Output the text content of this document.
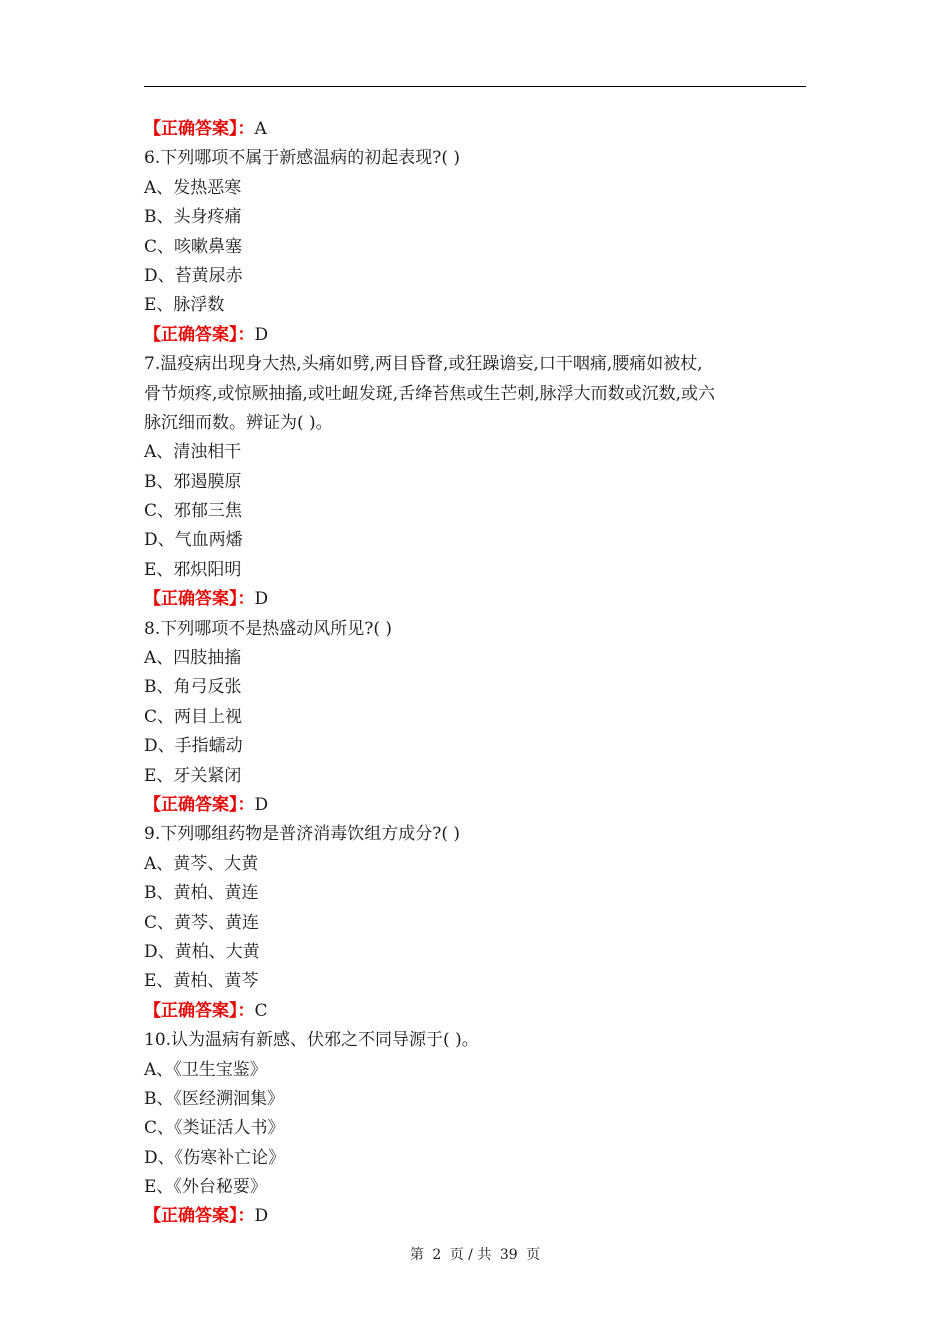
【正确答案】：A
6.下列哪项不属于新感温病的初起表现?( )
A、发热恶寒
B、头身疼痛
C、咳嗽鼻塞
D、苔黄尿赤
E、脉浮数
【正确答案】：D
7.温疫病出现身大热,头痛如劈,两目昏瞀,或狂躁谵妄,口干咽痛,腰痛如被杖,
骨节烦疼,或惊厥抽搐,或吐衄发斑,舌绛苔焦或生芒刺,脉浮大而数或沉数,或六
脉沉细而数。辨证为( )。
A、清浊相干
B、邪遏膜原
C、邪郁三焦
D、气血两燔
E、邪炽阳明
【正确答案】：D
8.下列哪项不是热盛动风所见?( )
A、四肢抽搐
B、角弓反张
C、两目上视
D、手指蠕动
E、牙关紧闭
【正确答案】：D
9.下列哪组药物是普济消毒饮组方成分?( )
A、黄芩、大黄
B、黄柏、黄连
C、黄芩、黄连
D、黄柏、大黄
E、黄柏、黄芩
【正确答案】：C
10.认为温病有新感、伏邪之不同导源于( )。
A、《卫生宝鉴》
B、《医经溯洄集》
C、《类证活人书》
D、《伤寒补亡论》
E、《外台秘要》
【正确答案】：D
第 2 页 / 共 39 页
